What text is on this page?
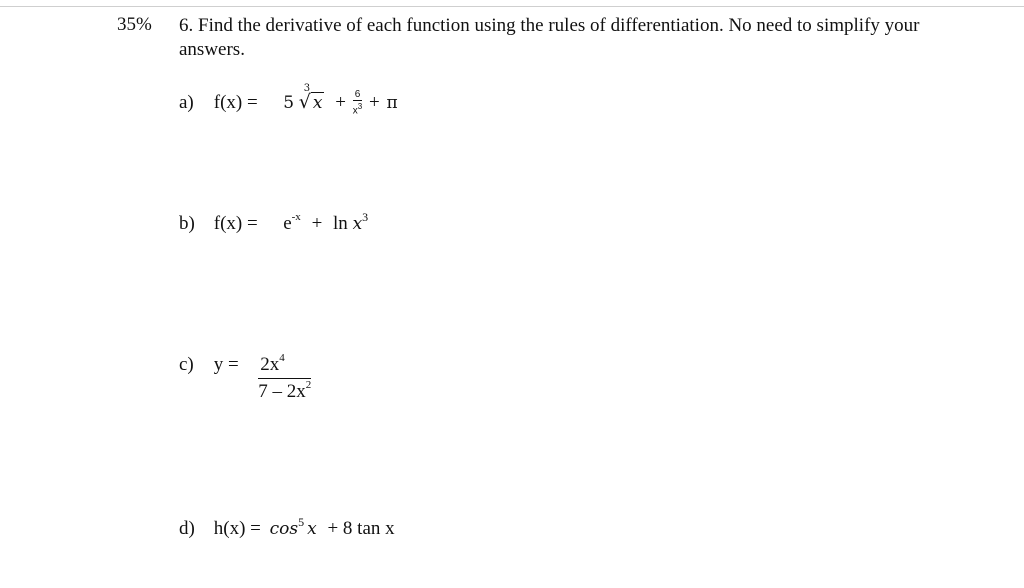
35% 6. Find the derivative of each function using the rules of differentiation. No need to simplify your answers.
a) f(x) = 5
3
√ $x + \frac{6}{x^3} + \pi$
b) $f(x) = e^{-x} + \ln x^3$
c) $y = \frac{2x^4}{7 - 2x^2}$
d) $h(x) = \cos^5 x + 8$ tan x
